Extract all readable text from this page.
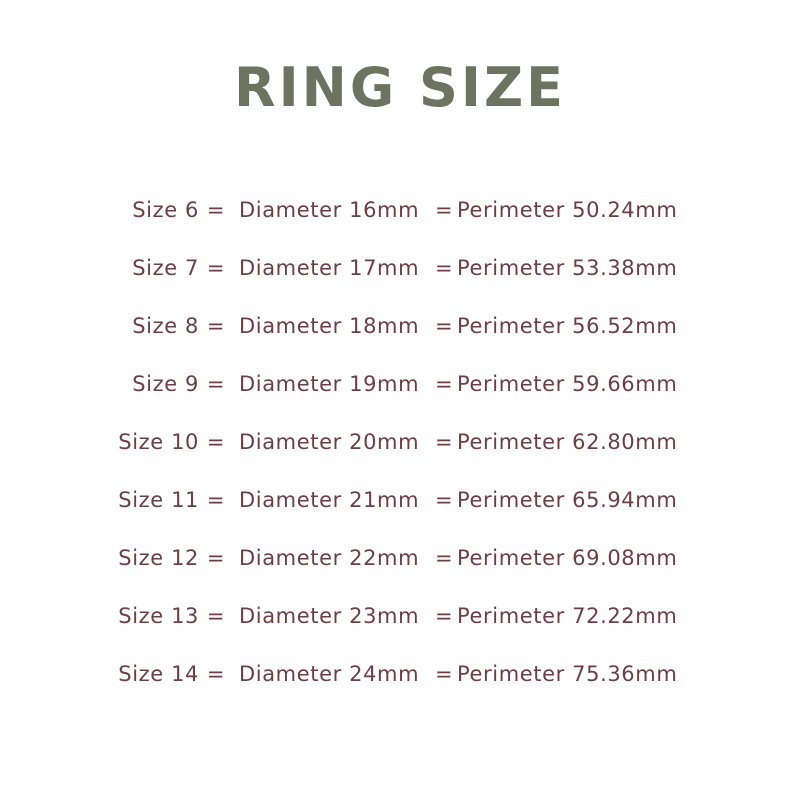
RING SIZE
Size 6 = Diameter 16mm = Perimeter 50.24mm
Size 7 = Diameter 17mm = Perimeter 53.38mm
Size 8 = Diameter 18mm = Perimeter 56.52mm
Size 9 = Diameter 19mm = Perimeter 59.66mm
Size 10 = Diameter 20mm = Perimeter 62.80mm
Size 11 = Diameter 21mm = Perimeter 65.94mm
Size 12 = Diameter 22mm = Perimeter 69.08mm
Size 13 = Diameter 23mm = Perimeter 72.22mm
Size 14 = Diameter 24mm = Perimeter 75.36mm
